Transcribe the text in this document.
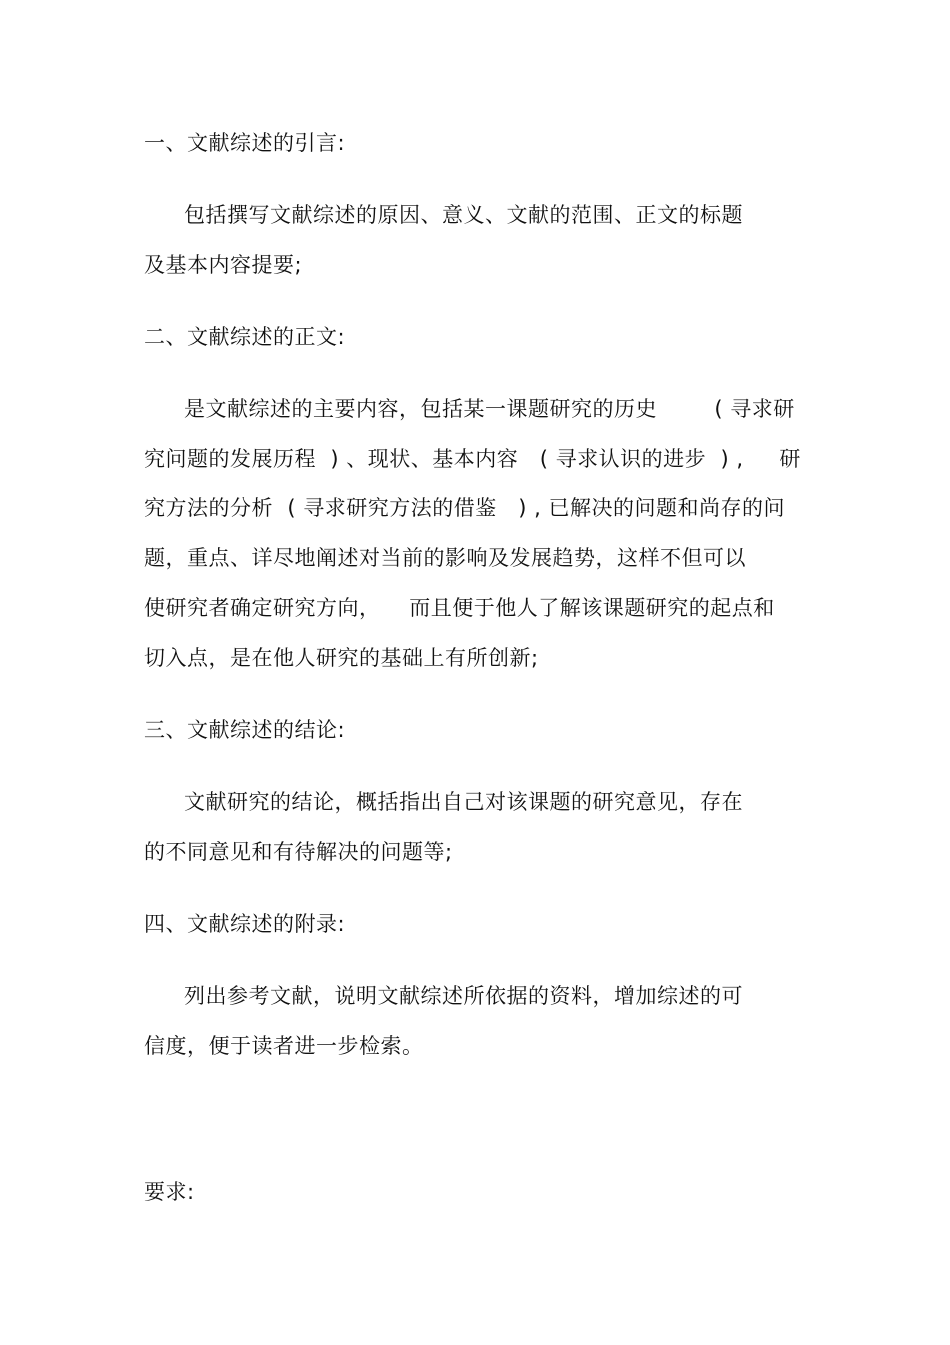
一、文献综述的引言:
包括撰写文献综述的原因、意义、文献的范围、正文的标题
及基本内容提要;
二、文献综述的正文:
是文献综述的主要内容，包括某一课题研究的历史        ( 寻求研
究问题的发展历程  ) 、现状、基本内容   ( 寻求认识的进步  ) ,     研
究方法的分析  ( 寻求研究方法的借鉴   ) , 已解决的问题和尚存的问
题，重点、详尽地阐述对当前的影响及发展趋势，这样不但可以
使研究者确定研究方向，    而且便于他人了解该课题研究的起点和
切入点，是在他人研究的基础上有所创新;
三、文献综述的结论:
文献研究的结论，概括指出自己对该课题的研究意见，存在
的不同意见和有待解决的问题等;
四、文献综述的附录:
列出参考文献，说明文献综述所依据的资料，增加综述的可
信度，便于读者进一步检索。
要求:
